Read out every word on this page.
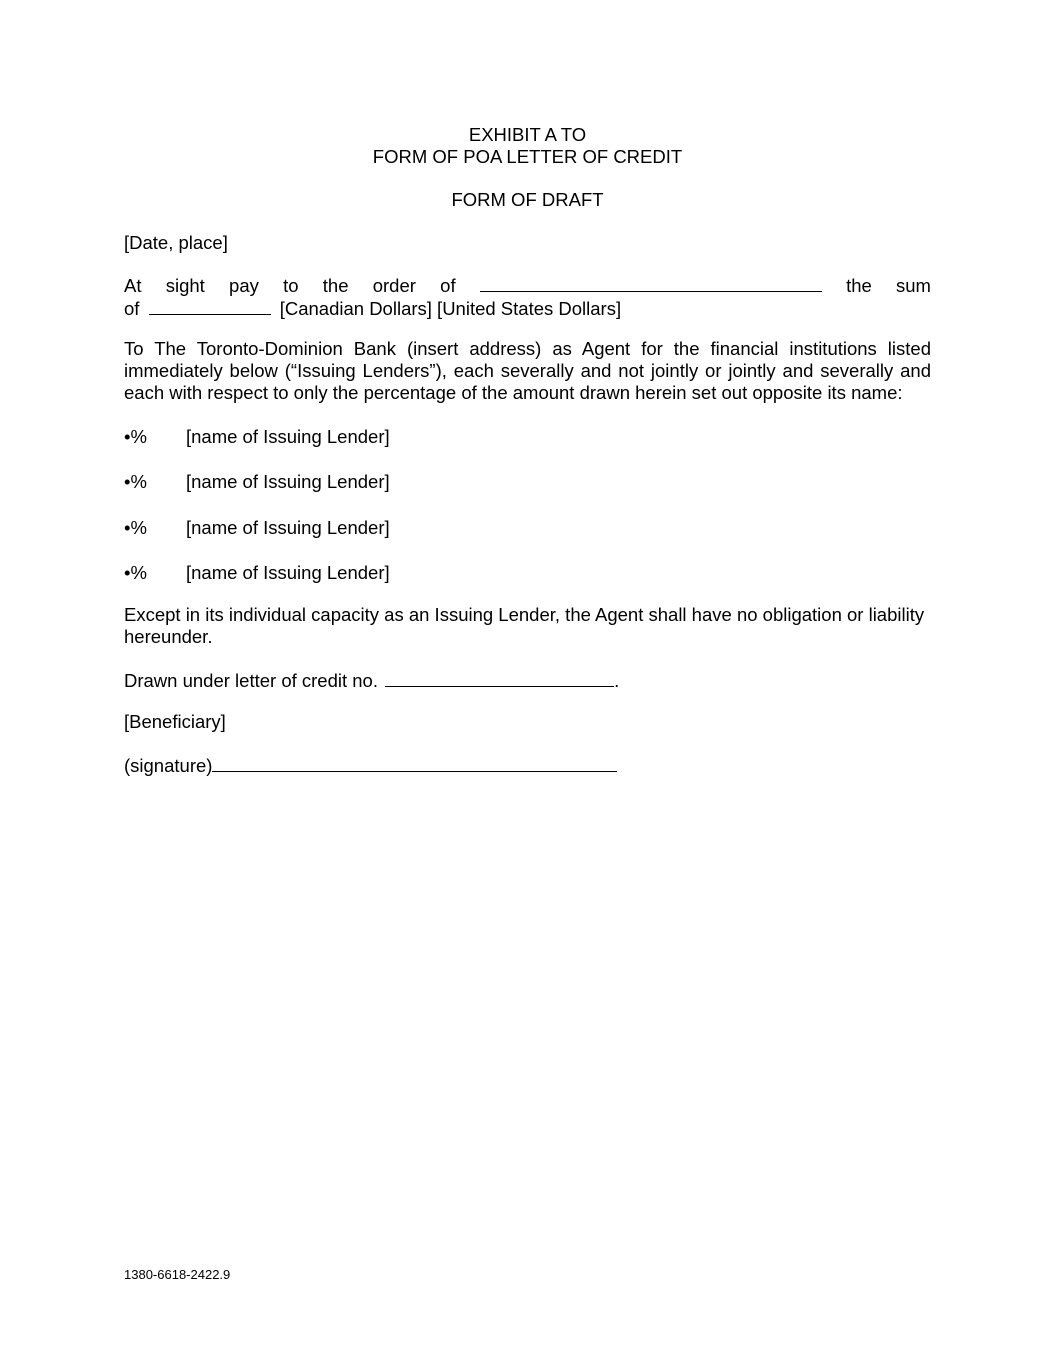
EXHIBIT A TO
FORM OF POA LETTER OF CREDIT
FORM OF DRAFT
[Date, place]
At sight pay to the order of	the sum
of	[Canadian Dollars] [United States Dollars]
To The Toronto-Dominion Bank (insert address) as Agent for the financial institutions listed immediately below (“Issuing Lenders”), each severally and not jointly or jointly and severally and each with respect to only the percentage of the amount drawn herein set out opposite its name:
•% [name of Issuing Lender]
•% [name of Issuing Lender]
•% [name of Issuing Lender]
•% [name of Issuing Lender]
Except in its individual capacity as an Issuing Lender, the Agent shall have no obligation or liability hereunder.
Drawn under letter of credit no.	.
[Beneficiary]
(signature)
1380-6618-2422.9
